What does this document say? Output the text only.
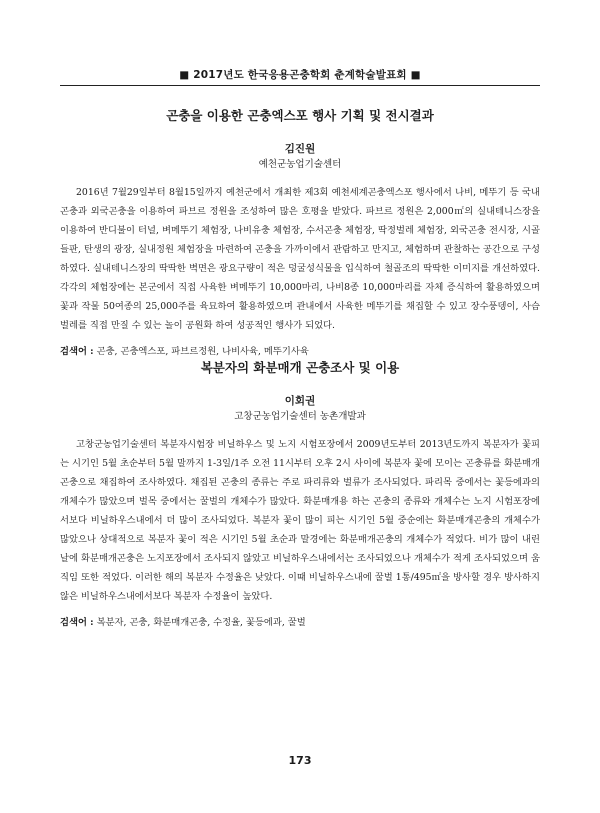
■ 2017년도 한국응용곤충학회 춘계학술발표회 ■
곤충을 이용한 곤충엑스포 행사 기획 및 전시결과
김진원
예천군농업기술센터

2016년 7월29일부터 8월15일까지 예천군에서 개최한 제3회 예천세계곤충엑스포 행사에서 나비, 메뚜기 등 국내 곤충과 외국곤충을 이용하여 파브르 정원을 조성하여 많은 호평을 받았다. 파브르 정원은 2,000㎡의 실내테니스장을 이용하여 반디불이 터널, 벼메뚜기 체험장, 나비유충 체험장, 수서곤충 체험장, 딱정벌레 체험장, 외국곤충 전시장, 시골들판, 탄생의 광장, 실내정원 체험장을 마련하여 곤충을 가까이에서 관람하고 만지고, 체험하며 관찰하는 공간으로 구성하였다. 실내테니스장의 딱딱한 벽면은 광요구량이 적은 덩굴성식물을 입식하여 철골조의 딱딱한 이미지를 개선하였다. 각각의 체험장에는 본군에서 직접 사육한 벼메뚜기 10,000마리, 나비8종 10,000마리를 자체 증식하여 활용하였으며 꽃과 작물 50여종의 25,000주를 육묘하여 활용하였으며 관내에서 사육한 메뚜기를 채집할 수 있고 장수풍뎅이, 사슴벌레를 직접 만질 수 있는 놀이 공원화 하여 성공적인 행사가 되었다.

검색어 : 곤충, 곤충엑스포, 파브르정원, 나비사육, 메뚜기사육
복분자의 화분매개 곤충조사 및 이용
이회권
고창군농업기술센터 농촌개발과

고창군농업기술센터 복분자시험장 비닐하우스 및 노지 시험포장에서 2009년도부터 2013년도까지 복분자가 꽃피는 시기인 5월 초순부터 5월 말까지 1-3일/1주 오전 11시부터 오후 2시 사이에 복분자 꽃에 모이는 곤충류를 화분매개곤충으로 채집하여 조사하였다. 채집된 곤충의 종류는 주로 파리류와 벌류가 조사되었다. 파리목 중에서는 꽃등에과의 개체수가 많았으며 벌목 중에서는 꿀벌의 개체수가 많았다. 화분매개용 하는 곤충의 종류와 개체수는 노지 시험포장에서보다 비닐하우스내에서 더 많이 조사되었다. 복분자 꽃이 많이 피는 시기인 5월 중순에는 화분매개곤충의 개체수가 많았으나 상대적으로 복분자 꽃이 적은 시기인 5월 초순과 말경에는 화분매개곤충의 개체수가 적었다. 비가 많이 내린 날에 화분매개곤충은 노지포장에서 조사되지 않았고 비닐하우스내에서는 조사되었으나 개체수가 적게 조사되었으며 움직임 또한 적었다. 이러한 해의 복분자 수정율은 낮았다. 이때 비닐하우스내에 꿀벌 1통/495㎡을 방사할 경우 방사하지 않은 비닐하우스내에서보다 복분자 수정율이 높았다.

검색어 : 복분자, 곤충, 화분매개곤충, 수정율, 꽃등에과, 꿀벌
173
